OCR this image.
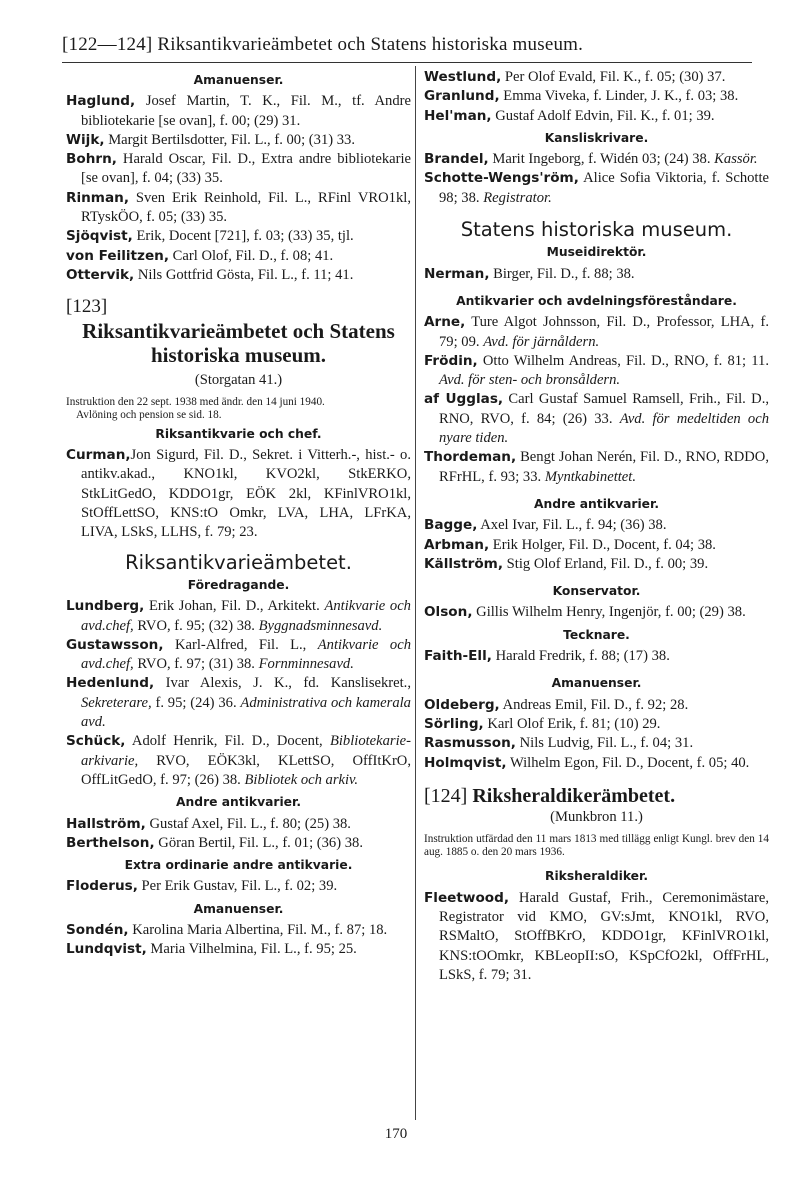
[122—124] Riksantikvarieämbetet och Statens historiska museum.
Amanuenser.

Haglund, Josef Martin, T. K., Fil. M., tf. Andre bibliotekarie [se ovan], f. 00; (29) 31.

Wijk, Margit Bertilsdotter, Fil. L., f. 00; (31) 33.

Bohrn, Harald Oscar, Fil. D., Extra andre bibliotekarie [se ovan], f. 04; (33) 35.

Rinman, Sven Erik Reinhold, Fil. L., RFinl VRO1kl, RTyskÖO, f. 05; (33) 35.

Sjöqvist, Erik, Docent [721], f. 03; (33) 35, tjl.

von Feilitzen, Carl Olof, Fil. D., f. 08; 41.

Ottervik, Nils Gottfrid Gösta, Fil. L., f. 11; 41.

[123]
Riksantikvarieämbetet och Statens historiska museum.
(Storgatan 41.)
Instruktion den 22 sept. 1938 med ändr. den 14 juni 1940.
Avlöning och pension se sid. 18.
Riksantikvarie och chef.

Curman,Jon Sigurd, Fil. D., Sekret. i Vitterh.-, hist.- o. antikv.akad., KNO1kl, KVO2kl, StkERKO, StkLitGedO, KDDO1gr, EÖK 2kl, KFinlVRO1kl, StOffLettSO, KNS:tO Omkr, LVA, LHA, LFrKA, LIVA, LSkS, LLHS, f. 79; 23.

Riksantikvarieämbetet.
Föredragande.

Lundberg, Erik Johan, Fil. D., Arkitekt. Antikvarie och avd.chef, RVO, f. 95; (32) 38. Byggnadsminnesavd.

Gustawsson, Karl-Alfred, Fil. L., Antikvarie och avd.chef, RVO, f. 97; (31) 38. Fornminnesavd.

Hedenlund, Ivar Alexis, J. K., fd. Kanslisekret., Sekreterare, f. 95; (24) 36. Administrativa och kamerala avd.

Schück, Adolf Henrik, Fil. D., Docent, Bibliotekarie-arkivarie, RVO, EÖK3kl, KLettSO, OffItKrO, OffLitGedO, f. 97; (26) 38. Bibliotek och arkiv.

Andre antikvarier.

Hallström, Gustaf Axel, Fil. L., f. 80; (25) 38.

Berthelson, Göran Bertil, Fil. L., f. 01; (36) 38.

Extra ordinarie andre antikvarie.

Floderus, Per Erik Gustav, Fil. L., f. 02; 39.

Amanuenser.

Sondén, Karolina Maria Albertina, Fil. M., f. 87; 18.

Lundqvist, Maria Vilhelmina, Fil. L., f. 95; 25.

Westlund, Per Olof Evald, Fil. K., f. 05; (30) 37.

Granlund, Emma Viveka, f. Linder, J. K., f. 03; 38.

Hel'man, Gustaf Adolf Edvin, Fil. K., f. 01; 39.

Kansliskrivare.

Brandel, Marit Ingeborg, f. Widén 03; (24) 38. Kassör.

Schotte-Wengs'röm, Alice Sofia Viktoria, f. Schotte 98; 38. Registrator.

Statens historiska museum.
Museidirektör.

Nerman, Birger, Fil. D., f. 88; 38.

Antikvarier och avdelningsföreståndare.

Arne, Ture Algot Johnsson, Fil. D., Professor, LHA, f. 79; 09. Avd. för järnåldern.

Frödin, Otto Wilhelm Andreas, Fil. D., RNO, f. 81; 11. Avd. för sten- och bronsåldern.

af Ugglas, Carl Gustaf Samuel Ramsell, Frih., Fil. D., RNO, RVO, f. 84; (26) 33. Avd. för medeltiden och nyare tiden.

Thordeman, Bengt Johan Nerén, Fil. D., RNO, RDDO, RFrHL, f. 93; 33. Myntkabinettet.

Andre antikvarier.

Bagge, Axel Ivar, Fil. L., f. 94; (36) 38.

Arbman, Erik Holger, Fil. D., Docent, f. 04; 38.

Källström, Stig Olof Erland, Fil. D., f. 00; 39.

Konservator.

Olson, Gillis Wilhelm Henry, Ingenjör, f. 00; (29) 38.

Tecknare.

Faith-Ell, Harald Fredrik, f. 88; (17) 38.

Amanuenser.

Oldeberg, Andreas Emil, Fil. D., f. 92; 28.

Sörling, Karl Olof Erik, f. 81; (10) 29.

Rasmusson, Nils Ludvig, Fil. L., f. 04; 31.

Holmqvist, Wilhelm Egon, Fil. D., Docent, f. 05; 40.

[124] Riksheraldikerämbetet.
(Munkbron 11.)
Instruktion utfärdad den 11 mars 1813 med tillägg enligt Kungl. brev den 14 aug. 1885 o. den 20 mars 1936.
Riksheraldiker.

Fleetwood, Harald Gustaf, Frih., Ceremonimästare, Registrator vid KMO, GV:sJmt, KNO1kl, RVO, RSMaltO, StOffBKrO, KDDO1gr, KFinlVRO1kl, KNS:tOOmkr, KBLeopII:sO, KSpCfO2kl, OffFrHL, LSkS, f. 79; 31.

170
